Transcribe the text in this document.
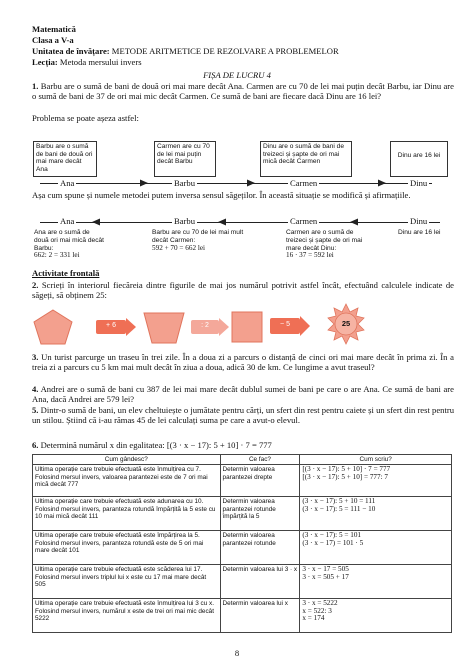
Matematică
Clasa a V-a
Unitatea de învățare: METODE ARITMETICE DE REZOLVARE A PROBLEMELOR
Lecția: Metoda mersului invers
FIȘA DE LUCRU 4
1. Barbu are o sumă de bani de două ori mai mare decât Ana. Carmen are cu 70 de lei mai puțin decât Barbu, iar Dinu are o sumă de bani de 37 de ori mai mic decât Carmen. Ce sumă de bani are fiecare dacă Dinu are 16 lei?
Problema se poate așeza astfel:
Barbu are o sumă de bani de două ori mai mare decât Ana
Carmen are cu 70 de lei mai puțin decât Barbu
Dinu are o sumă de bani de treizeci și șapte de ori mai mică decât Carmen
Dinu are 16 lei
Ana	Barbu	Carmen	Dinu
Așa cum spune și numele metodei putem inversa sensul săgeților. În această situație se modifică și afirmațiile.
Ana	Barbu	Carmen	Dinu
Ana are o sumă de două ori mai mică decât Barbu:
662: 2 = 331 lei
Barbu are cu 70 de lei mai mult decât Carmen:
592 + 70 = 662 lei
Carmen are o sumă de treizeci și șapte de ori mai mare decât Dinu:
16 · 37 = 592 lei
Dinu are 16 lei
Activitate frontală
2. Scrieți în interiorul fiecăreia dintre figurile de mai jos numărul potrivit astfel încât, efectuând calculele indicate de săgeți, să obținem 25:
+ 6	: 2	− 5	25
3. Un turist parcurge un traseu în trei zile. În a doua zi a parcurs o distanță de cinci ori mai mare decât în prima zi. În a treia zi a parcurs cu 5 km mai mult decât în ziua a doua, adică 30 de km. Ce lungime a avut traseul?
4. Andrei are o sumă de bani cu 387 de lei mai mare decât dublul sumei de bani pe care o are Ana. Ce sumă de bani are Ana, dacă Andrei are 579 lei?
5. Dintr-o sumă de bani, un elev cheltuiește o jumătate pentru cărți, un sfert din rest pentru caiete și un sfert din rest pentru un stilou. Știind că i-au rămas 45 de lei calculați suma pe care a avut-o elevul.
6. Determină numărul x din egalitatea: [(3 · x − 17): 5 + 10] · 7 = 777
Cum gândesc?	Ce fac?	Cum scriu?
Ultima operație care trebuie efectuată este înmulțirea cu 7. Folosind mersul invers, valoarea parantezei este de 7 ori mai mică decât 777	Determin valoarea parantezei drepte	[(3 · x − 17): 5 + 10] · 7 = 777
[(3 · x − 17): 5 + 10] = 777: 7

Ultima operație care trebuie efectuată este adunarea cu 10. Folosind mersul invers, paranteza rotundă împărțită la 5 este cu 10 mai mică decât 111	Determin valoarea parantezei rotunde împărțită la 5	(3 · x − 17): 5 + 10 = 111
(3 · x − 17): 5 = 111 − 10

Ultima operație care trebuie efectuată este împărțirea la 5. Folosind mersul invers, paranteza rotundă este de 5 ori mai mare decât 101	Determin valoarea parantezei rotunde	(3 · x − 17): 5 = 101
(3 · x − 17) = 101 · 5

Ultima operație care trebuie efectuată este scăderea lui 17. Folosind mersul invers triplul lui x este cu 17 mai mare decât 505	Determin valoarea lui 3 · x	3 · x − 17 = 505
3 · x = 505 + 17

Ultima operație care trebuie efectuată este înmulțirea lui 3 cu x. Folosind mersul invers, numărul x este de trei ori mai mic decât 5222	Determin valoarea lui x	3 · x = 5222
x = 522: 3
x = 174
8
